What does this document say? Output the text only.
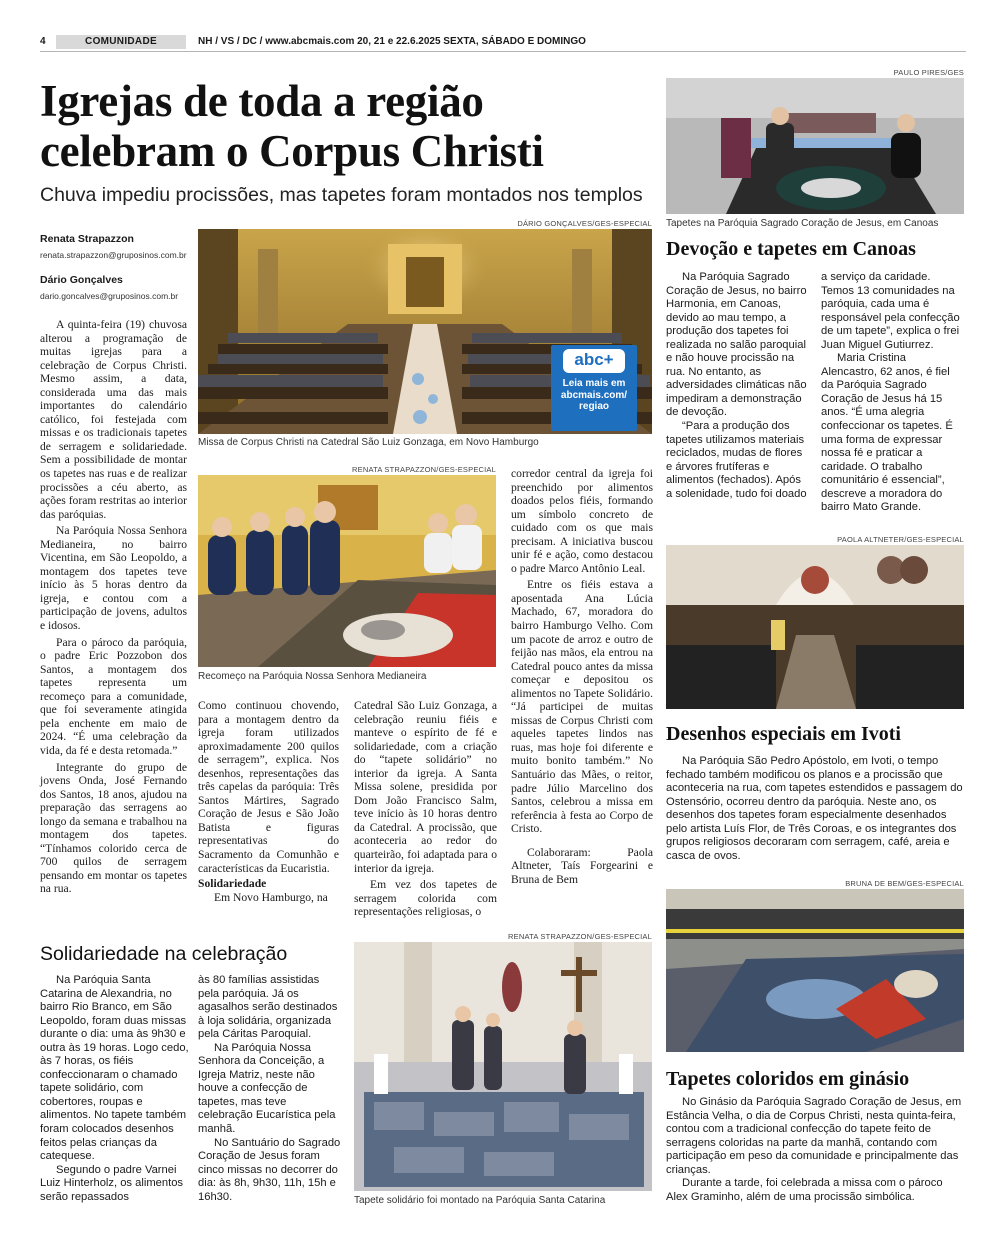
4	COMUNIDADE	NH / VS / DC / www.abcmais.com 20, 21 e 22.6.2025 SEXTA, SÁBADO E DOMINGO
Igrejas de toda a região
celebram o Corpus Christi
Chuva impediu procissões, mas tapetes foram montados nos templos
Renata Strapazzon
renata.strapazzon@gruposinos.com.br
Dário Gonçalves
dario.goncalves@gruposinos.com.br

A quinta-feira (19) chuvosa alterou a programação de muitas igrejas para a celebração de Corpus Christi. Mesmo assim, a data, considerada uma das mais importantes do calendário católico, foi festejada com missas e os tradicionais tapetes de serragem e solidariedade. Sem a possibilidade de montar os tapetes nas ruas e de realizar procissões a céu aberto, as ações foram restritas ao interior das paróquias.

Na Paróquia Nossa Senhora Medianeira, no bairro Vicentina, em São Leopoldo, a montagem dos tapetes teve início às 5 horas dentro da igreja, e contou com a participação de jovens, adultos e idosos.

Para o pároco da paróquia, o padre Eric Pozzobon dos Santos, a montagem dos tapetes representa um recomeço para a comunidade, que foi severamente atingida pela enchente em maio de 2024. “É uma celebração da vida, da fé e desta retomada.”

Integrante do grupo de jovens Onda, José Fernando dos Santos, 18 anos, ajudou na preparação das serragens ao longo da semana e trabalhou na montagem dos tapetes. “Tínhamos colorido cerca de 700 quilos de serragem pensando em montar os tapetes na rua.

DÁRIO GONÇALVES/GES-ESPECIAL
Missa de Corpus Christi na Catedral São Luiz Gonzaga, em Novo Hamburgo
abc+
Leia mais em
abcmais.com/
regiao
RENATA STRAPAZZON/GES-ESPECIAL
Recomeço na Paróquia Nossa Senhora Medianeira

Como continuou chovendo, para a montagem dentro da igreja foram utilizados aproximadamente 200 quilos de serragem”, explica. Nos desenhos, representações das três capelas da paróquia: Três Santos Mártires, Sagrado Coração de Jesus e São João Batista e figuras representativas do Sacramento da Comunhão e características da Eucaristia.

Solidariedade

Em Novo Hamburgo, na

Catedral São Luiz Gonzaga, a celebração reuniu fiéis e manteve o espírito de fé e solidariedade, com a criação do “tapete solidário” no interior da igreja. A Santa Missa solene, presidida por Dom João Francisco Salm, teve início às 10 horas dentro da Catedral. A procissão, que aconteceria ao redor do quarteirão, foi adaptada para o interior da igreja.

Em vez dos tapetes de serragem colorida com representações religiosas, o

corredor central da igreja foi preenchido por alimentos doados pelos fiéis, formando um símbolo concreto de cuidado com os que mais precisam. A iniciativa buscou unir fé e ação, como destacou o padre Marco Antônio Leal.

Entre os fiéis estava a aposentada Ana Lúcia Machado, 67, moradora do bairro Hamburgo Velho. Com um pacote de arroz e outro de feijão nas mãos, ela entrou na Catedral pouco antes da missa começar e depositou os alimentos no Tapete Solidário. “Já participei de muitas missas de Corpus Christi com aqueles tapetes lindos nas ruas, mas hoje foi diferente e muito bonito também.” No Santuário das Mães, o reitor, padre Júlio Marcelino dos Santos, celebrou a missa em referência à festa ao Corpo de Cristo.

Colaboraram: Paola Altneter, Taís Forgearini e Bruna de Bem

Solidariedade na celebração

Na Paróquia Santa Catarina de Alexandria, no bairro Rio Branco, em São Leopoldo, foram duas missas durante o dia: uma às 9h30 e outra às 19 horas. Logo cedo, às 7 horas, os fiéis confeccionaram o chamado tapete solidário, com cobertores, roupas e alimentos. No tapete também foram colocados desenhos feitos pelas crianças da catequese.

Segundo o padre Varnei Luiz Hinterholz, os alimentos serão repassados

às 80 famílias assistidas pela paróquia. Já os agasalhos serão destinados à loja solidária, organizada pela Cáritas Paroquial.

Na Paróquia Nossa Senhora da Conceição, a Igreja Matriz, neste não houve a confecção de tapetes, mas teve celebração Eucarística pela manhã.

No Santuário do Sagrado Coração de Jesus foram cinco missas no decorrer do dia: às 8h, 9h30, 11h, 15h e 16h30.

RENATA STRAPAZZON/GES-ESPECIAL
Tapete solidário foi montado na Paróquia Santa Catarina
PAULO PIRES/GES
Tapetes na Paróquia Sagrado Coração de Jesus, em Canoas
Devoção e tapetes em Canoas

Na Paróquia Sagrado Coração de Jesus, no bairro Harmonia, em Canoas, devido ao mau tempo, a produção dos tapetes foi realizada no salão paroquial e não houve procissão na rua. No entanto, as adversidades climáticas não impediram a demonstração de devoção.

“Para a produção dos tapetes utilizamos materiais reciclados, mudas de flores e árvores frutíferas e alimentos (fechados). Após a solenidade, tudo foi doado

a serviço da caridade. Temos 13 comunidades na paróquia, cada uma é responsável pela confecção de um tapete”, explica o frei Juan Miguel Gutiurrez.

Maria Cristina Alencastro, 62 anos, é fiel da Paróquia Sagrado Coração de Jesus há 15 anos. “É uma alegria confeccionar os tapetes. É uma forma de expressar nossa fé e praticar a caridade. O trabalho comunitário é essencial”, descreve a moradora do bairro Mato Grande.

PAOLA ALTNETER/GES-ESPECIAL
Desenhos especiais em Ivoti

Na Paróquia São Pedro Apóstolo, em Ivoti, o tempo fechado também modificou os planos e a procissão que aconteceria na rua, com tapetes estendidos e passagem do Ostensório, ocorreu dentro da paróquia. Neste ano, os desenhos dos tapetes foram especialmente desenhados pelo artista Luís Flor, de Três Coroas, e os integrantes dos grupos religiosos decoraram com serragem, café, areia e casca de ovos.

BRUNA DE BEM/GES-ESPECIAL
Tapetes coloridos em ginásio

No Ginásio da Paróquia Sagrado Coração de Jesus, em Estância Velha, o dia de Corpus Christi, nesta quinta-feira, contou com a tradicional confecção do tapete feito de serragens coloridas na parte da manhã, contando com participação em peso da comunidade e principalmente das crianças.

Durante a tarde, foi celebrada a missa com o pároco Alex Graminho, além de uma procissão simbólica.
